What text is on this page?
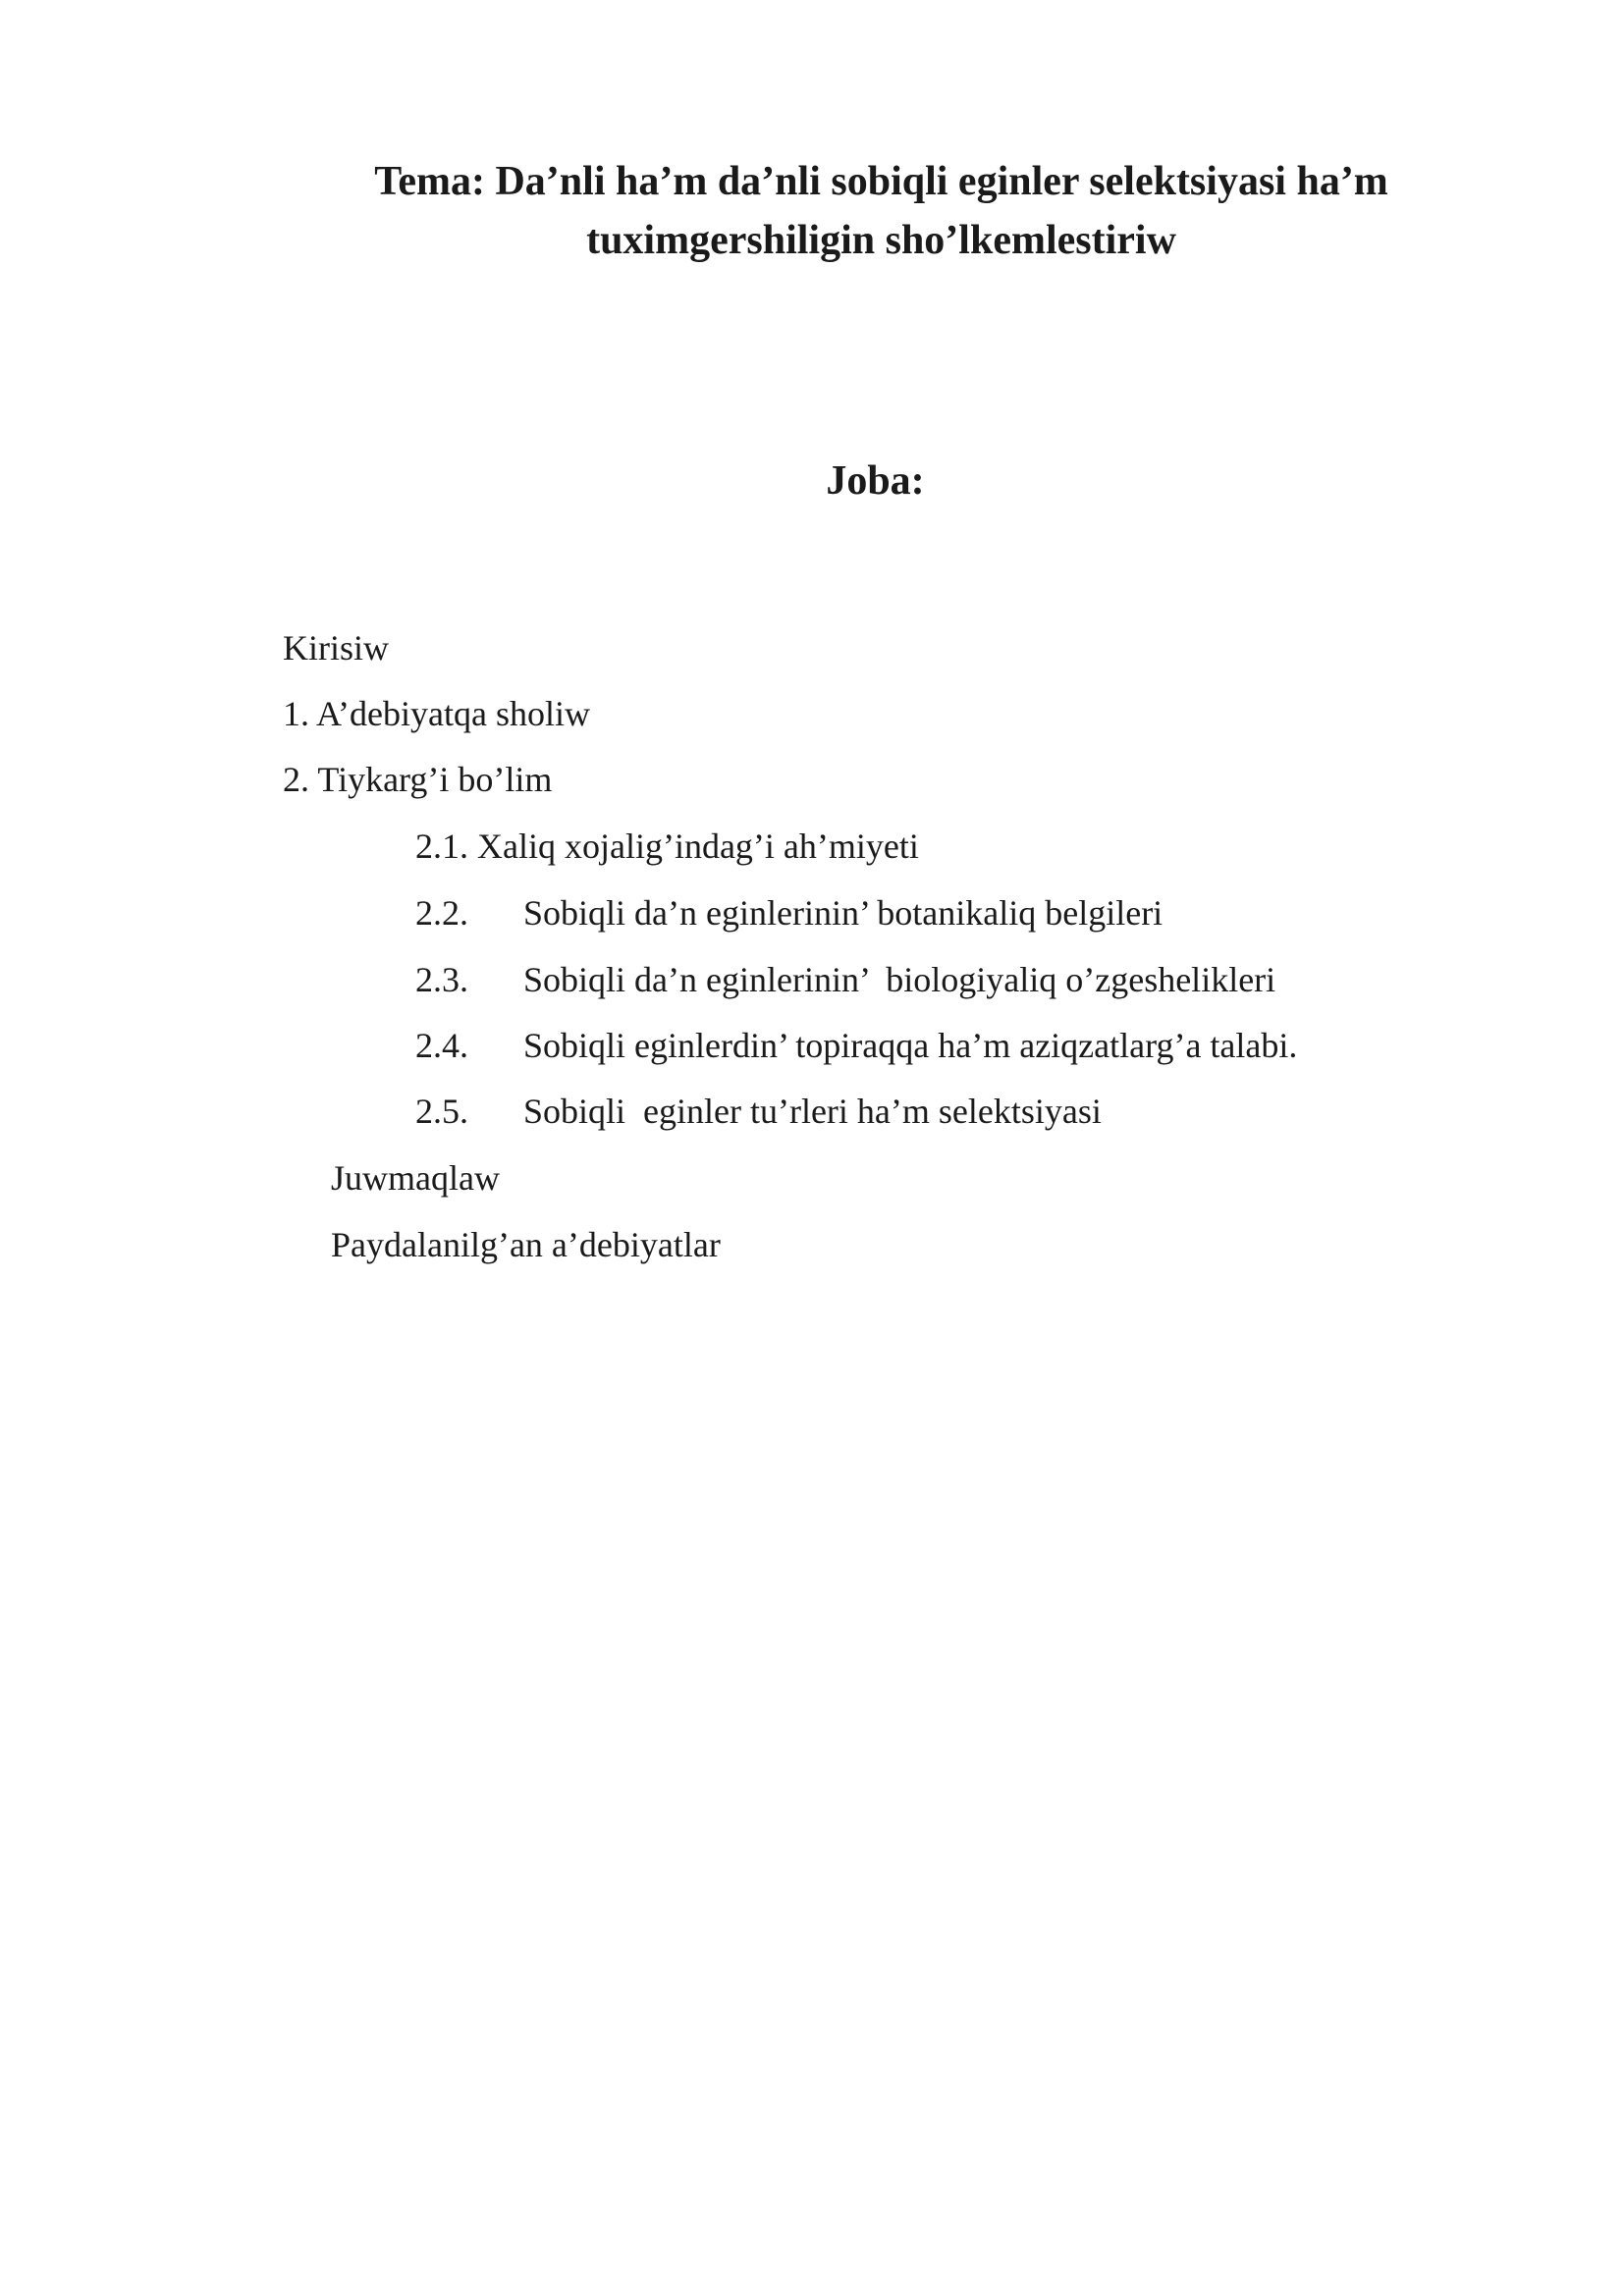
Tema: Da’nli ha’m da’nli sobiqli eginler selektsiyasi ha’m
tuximgershiligin sho’lkemlestiriw
Joba:
Kirisiw
1. A’debiyatqa sholiw
2. Tiykarg’i bo’lim
2.1. Xaliq xojalig’indag’i ah’miyeti
2.2. Sobiqli da’n eginlerinin’ botanikaliq belgileri
2.3. Sobiqli da’n eginlerinin’  biologiyaliq o’zgeshelikleri
2.4. Sobiqli eginlerdin’ topiraqqa ha’m aziqzatlarg’a talabi.
2.5. Sobiqli  eginler tu’rleri ha’m selektsiyasi
Juwmaqlaw
Paydalanilg’an a’debiyatlar
